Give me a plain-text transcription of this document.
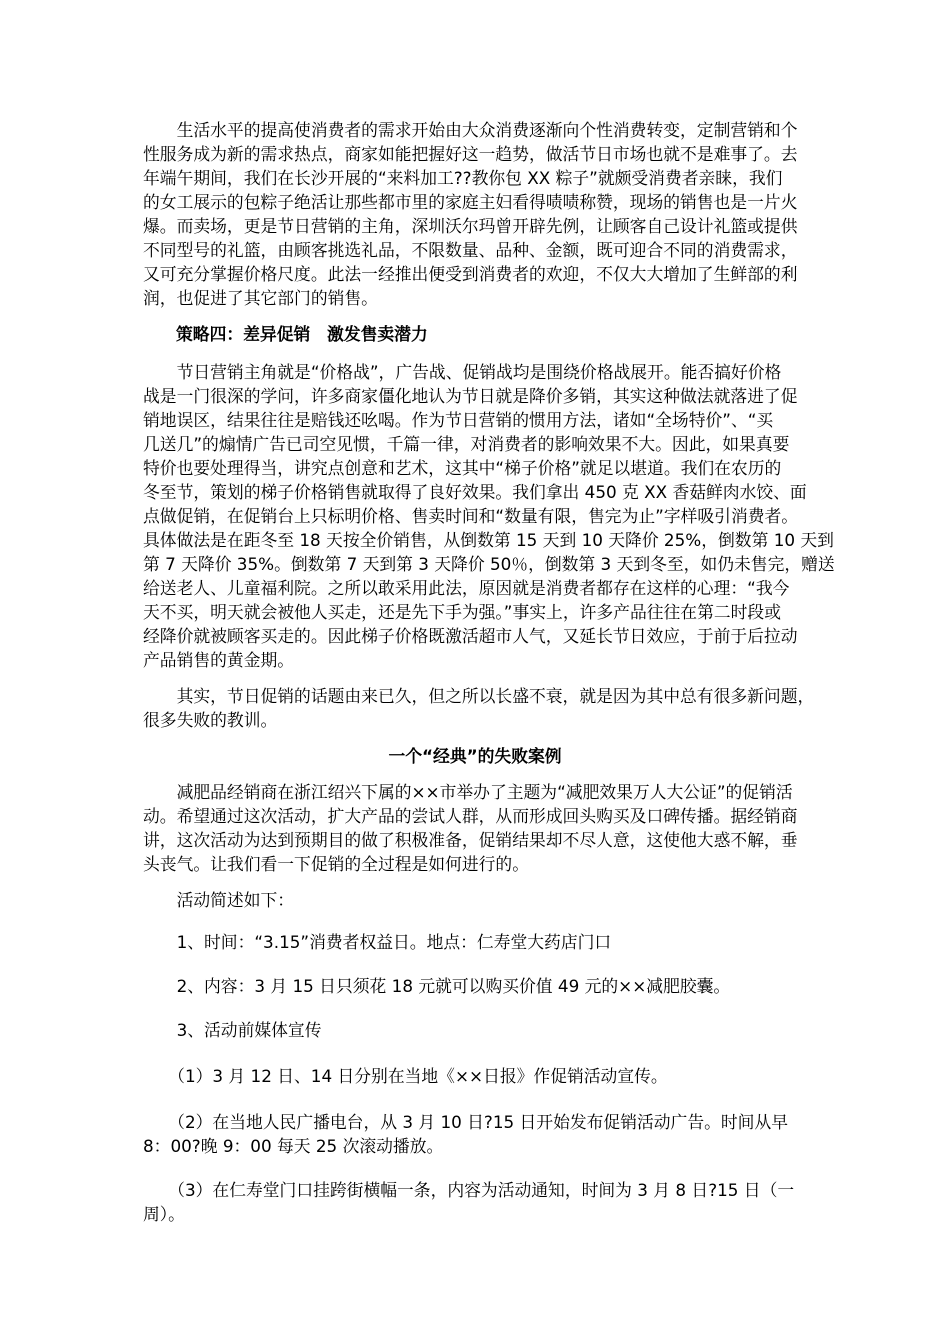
　　生活水平的提高使消费者的需求开始由大众消费逐渐向个性消费转变，定制营销和个
性服务成为新的需求热点，商家如能把握好这一趋势，做活节日市场也就不是难事了。去
年端午期间，我们在长沙开展的“来料加工??教你包 XX 粽子”就颇受消费者亲睐，我们
的女工展示的包粽子绝活让那些都市里的家庭主妇看得啧啧称赞，现场的销售也是一片火
爆。而卖场，更是节日营销的主角，深圳沃尔玛曾开辟先例，让顾客自己设计礼篮或提供
不同型号的礼篮，由顾客挑选礼品，不限数量、品种、金额，既可迎合不同的消费需求，
又可充分掌握价格尺度。此法一经推出便受到消费者的欢迎，不仅大大增加了生鲜部的利
润，也促进了其它部门的销售。
策略四：差异促销　激发售卖潜力
　　节日营销主角就是“价格战”，广告战、促销战均是围绕价格战展开。能否搞好价格
战是一门很深的学问，许多商家僵化地认为节日就是降价多销，其实这种做法就落进了促
销地误区，结果往往是赔钱还吆喝。作为节日营销的惯用方法，诸如“全场特价”、“买
几送几”的煽情广告已司空见惯，千篇一律，对消费者的影响效果不大。因此，如果真要
特价也要处理得当，讲究点创意和艺术，这其中“梯子价格”就足以堪道。我们在农历的
冬至节，策划的梯子价格销售就取得了良好效果。我们拿出 450 克 XX 香菇鲜肉水饺、面
点做促销，在促销台上只标明价格、售卖时间和“数量有限，售完为止”字样吸引消费者。
具体做法是在距冬至 18 天按全价销售，从倒数第 15 天到 10 天降价 25%，倒数第 10 天到
第 7 天降价 35%。倒数第 7 天到第 3 天降价 50％，倒数第 3 天到冬至，如仍未售完，赠送
给送老人、儿童福利院。之所以敢采用此法，原因就是消费者都存在这样的心理：“我今
天不买，明天就会被他人买走，还是先下手为强。”事实上，许多产品往往在第二时段或
经降价就被顾客买走的。因此梯子价格既激活超市人气，又延长节日效应，于前于后拉动
产品销售的黄金期。
　　其实，节日促销的话题由来已久，但之所以长盛不衰，就是因为其中总有很多新问题，
很多失败的教训。
一个“经典”的失败案例
　　减肥品经销商在浙江绍兴下属的××市举办了主题为“减肥效果万人大公证”的促销活
动。希望通过这次活动，扩大产品的尝试人群，从而形成回头购买及口碑传播。据经销商
讲，这次活动为达到预期目的做了积极准备，促销结果却不尽人意，这使他大惑不解，垂
头丧气。让我们看一下促销的全过程是如何进行的。
　　活动简述如下：
　　1、时间：“3.15”消费者权益日。地点：仁寿堂大药店门口
　　2、内容：3 月 15 日只须花 18 元就可以购买价值 49 元的××减肥胶囊。
　　3、活动前媒体宣传
　　（1）3 月 12 日、14 日分别在当地《××日报》作促销活动宣传。
　　（2）在当地人民广播电台，从 3 月 10 日?15 日开始发布促销活动广告。时间从早
8：00?晚 9：00 每天 25 次滚动播放。
　　（3）在仁寿堂门口挂跨街横幅一条，内容为活动通知，时间为 3 月 8 日?15 日（一
周）。
